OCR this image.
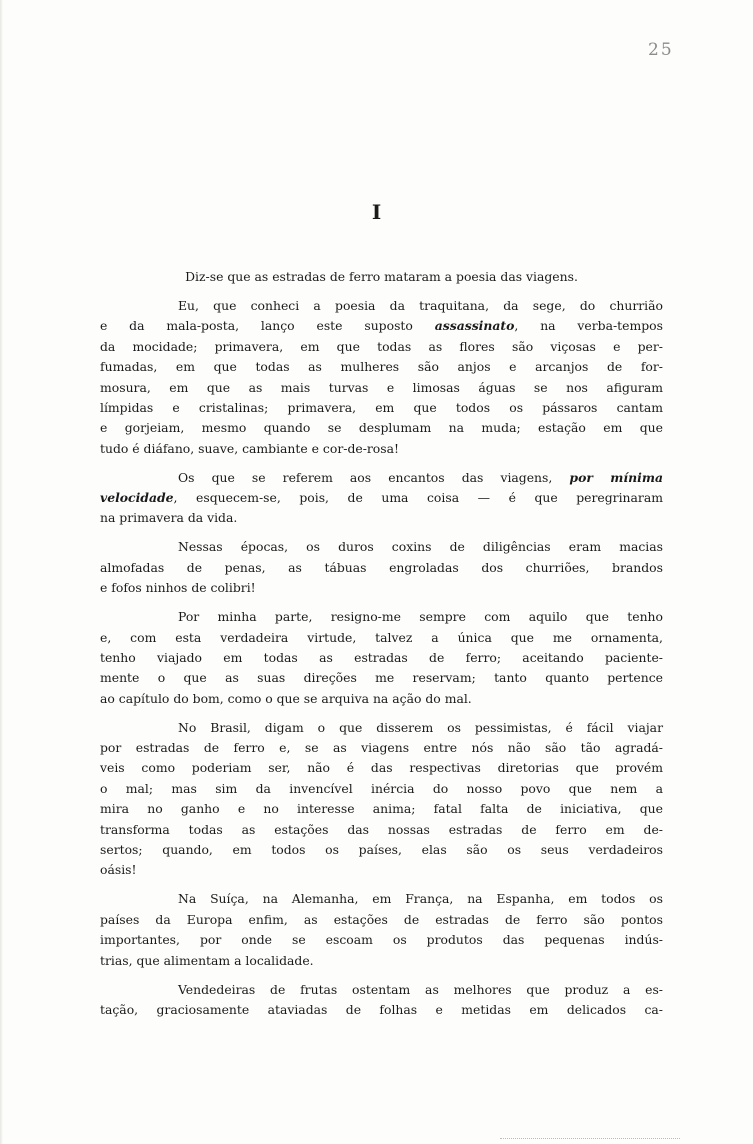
25
I
Diz-se que as estradas de ferro mataram a poesia das viagens.
Eu, que conheci a poesia da traquitana, da sege, do churrião
e da mala-posta, lanço este suposto assassinato, na verba-tempos
da mocidade; primavera, em que todas as flores são viçosas e per-
fumadas, em que todas as mulheres são anjos e arcanjos de for-
mosura, em que as mais turvas e limosas águas se nos afiguram
límpidas e cristalinas; primavera, em que todos os pássaros cantam
e gorjeiam, mesmo quando se desplumam na muda; estação em que
tudo é diáfano, suave, cambiante e cor-de-rosa!
Os que se referem aos encantos das viagens, por mínima
velocidade, esquecem-se, pois, de uma coisa — é que peregrinaram
na primavera da vida.
Nessas épocas, os duros coxins de diligências eram macias
almofadas de penas, as tábuas engroladas dos churriões, brandos
e fofos ninhos de colibri!
Por minha parte, resigno-me sempre com aquilo que tenho
e, com esta verdadeira virtude, talvez a única que me ornamenta,
tenho viajado em todas as estradas de ferro; aceitando paciente-
mente o que as suas direções me reservam; tanto quanto pertence
ao capítulo do bom, como o que se arquiva na ação do mal.
No Brasil, digam o que disserem os pessimistas, é fácil viajar
por estradas de ferro e, se as viagens entre nós não são tão agradá-
veis como poderiam ser, não é das respectivas diretorias que provém
o mal; mas sim da invencível inércia do nosso povo que nem a
mira no ganho e no interesse anima; fatal falta de iniciativa, que
transforma todas as estações das nossas estradas de ferro em de-
sertos; quando, em todos os países, elas são os seus verdadeiros
oásis!
Na Suíça, na Alemanha, em França, na Espanha, em todos os
países da Europa enfim, as estações de estradas de ferro são pontos
importantes, por onde se escoam os produtos das pequenas indús-
trias, que alimentam a localidade.
Vendedeiras de frutas ostentam as melhores que produz a es-
tação, graciosamente ataviadas de folhas e metidas em delicados ca-
